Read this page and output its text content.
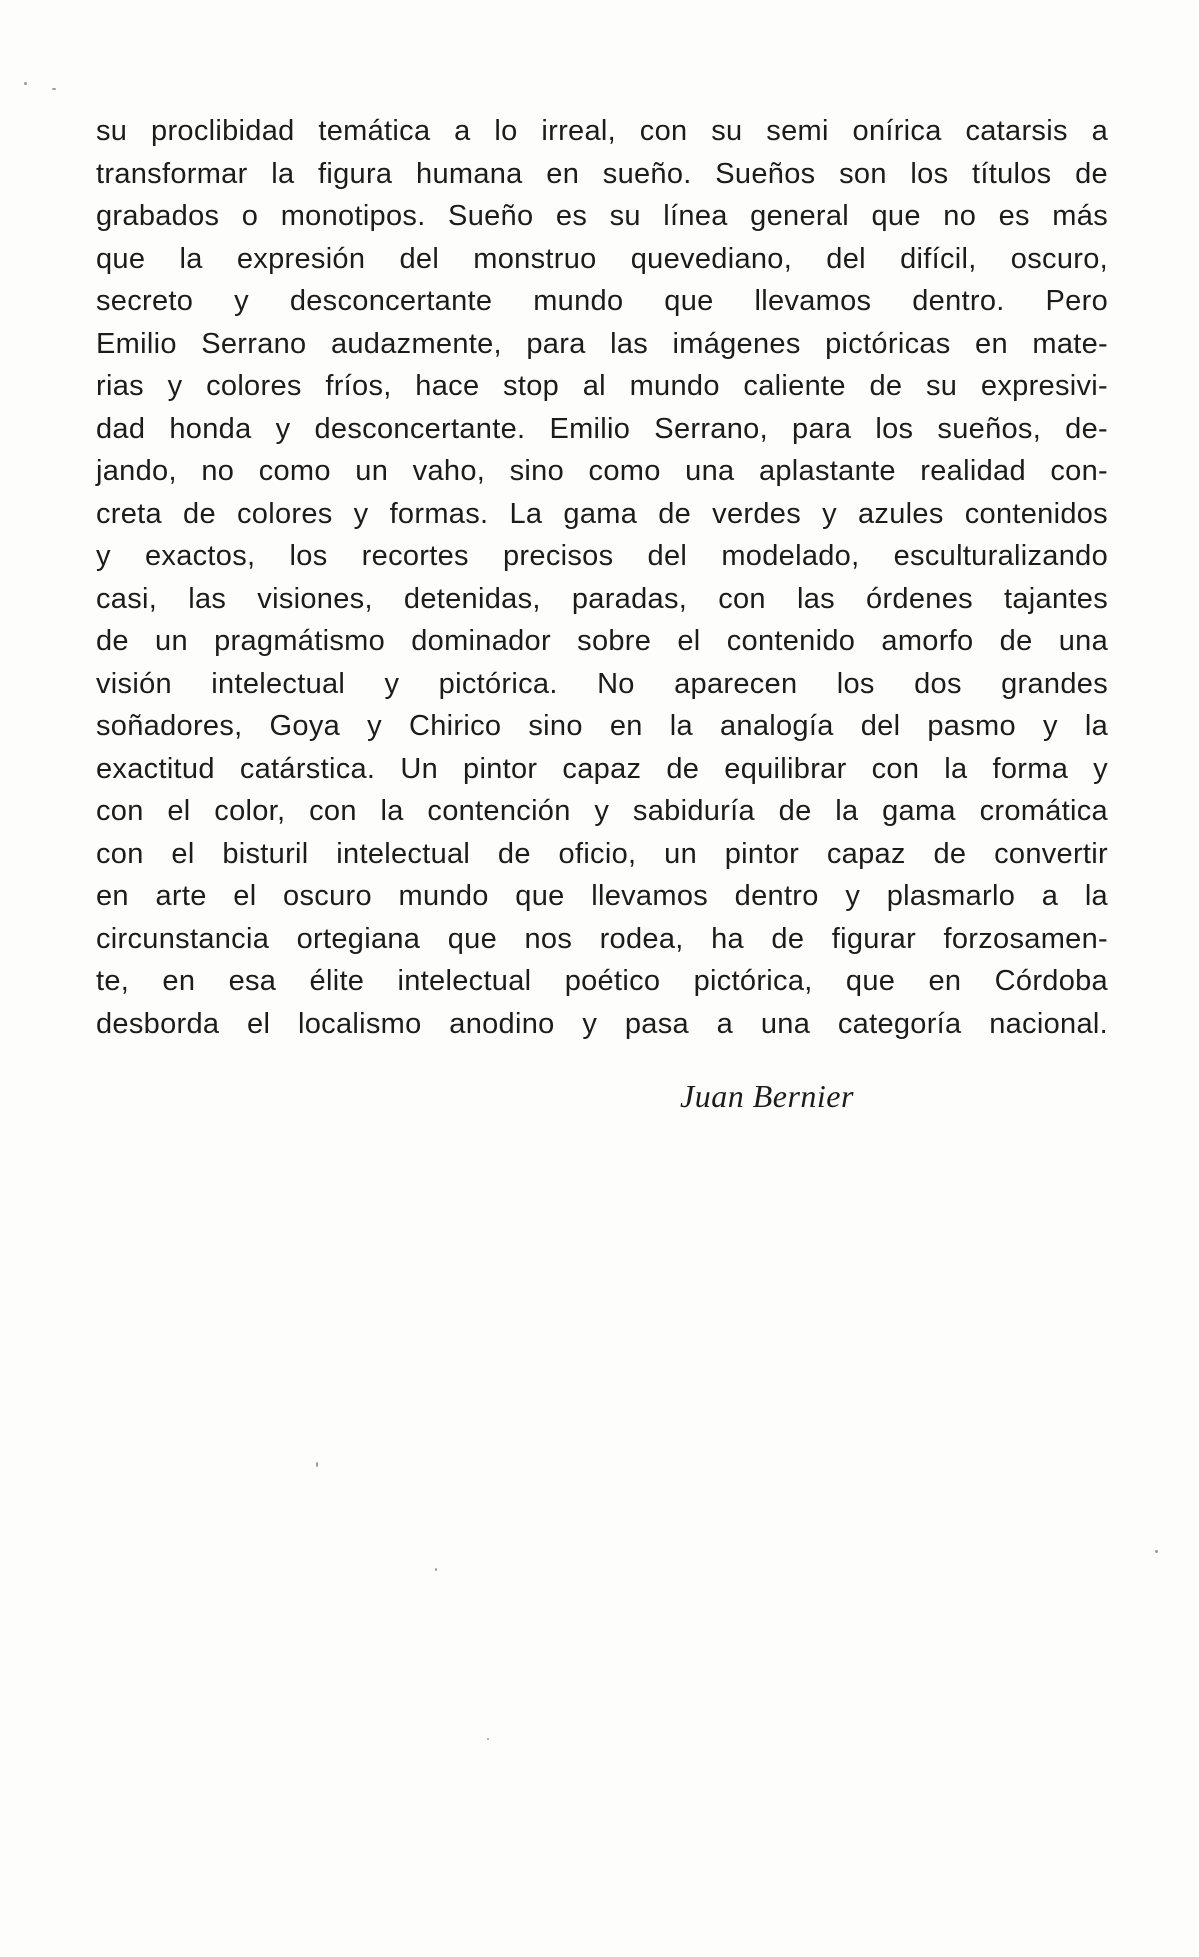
su proclibidad temática a lo irreal, con su semi onírica catarsis a
transformar la figura humana en sueño. Sueños son los títulos de
grabados o monotipos. Sueño es su línea general que no es más
que la expresión del monstruo quevediano, del difícil, oscuro,
secreto y desconcertante mundo que llevamos dentro. Pero
Emilio Serrano audazmente, para las imágenes pictóricas en mate-
rias y colores fríos, hace stop al mundo caliente de su expresivi-
dad honda y desconcertante. Emilio Serrano, para los sueños, de-
jando, no como un vaho, sino como una aplastante realidad con-
creta de colores y formas. La gama de verdes y azules contenidos
y exactos, los recortes precisos del modelado, esculturalizando
casi, las visiones, detenidas, paradas, con las órdenes tajantes
de un pragmátismo dominador sobre el contenido amorfo de una
visión intelectual y pictórica. No aparecen los dos grandes
soñadores, Goya y Chirico sino en la analogía del pasmo y la
exactitud catárstica. Un pintor capaz de equilibrar con la forma y
con el color, con la contención y sabiduría de la gama cromática
con el bisturil intelectual de oficio, un pintor capaz de convertir
en arte el oscuro mundo que llevamos dentro y plasmarlo a la
circunstancia ortegiana que nos rodea, ha de figurar forzosamen-
te, en esa élite intelectual poético pictórica, que en Córdoba
desborda el localismo anodino y pasa a una categoría nacional.
Juan Bernier
